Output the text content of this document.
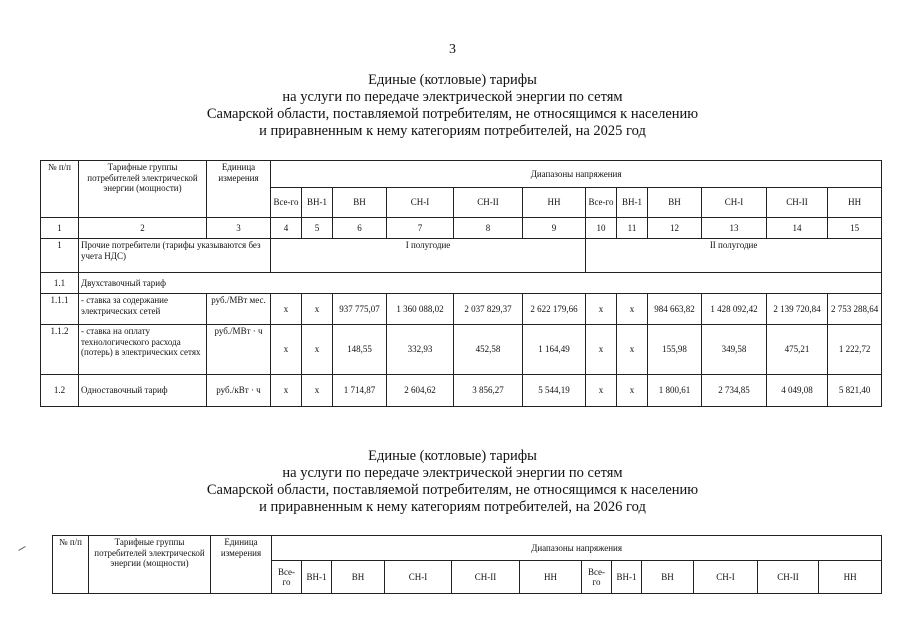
3
Единые (котловые) тарифы
на услуги по передаче электрической энергии по сетям
Самарской области, поставляемой потребителям, не относящимся к населению
и приравненным к нему категориям потребителей, на 2025 год
№ п/п	Тарифные группы потребителей электрической энергии (мощности)	Единица измерения	Диапазоны напряжения											
			Все-го	ВН-1	ВН	СН-I	СН-II	НН	Все-го	ВН-1	ВН	СН-I	СН-II	НН
1	2	3	4	5	6	7	8	9	10	11	12	13	14	15
1	Прочие потребители (тарифы указываются без учета НДС)		I полугодие						II полугодие					
1.1	Двухставочный тариф													
1.1.1	- ставка за содержание электрических сетей	руб./МВт мес.	х	х	937 775,07	1 360 088,02	2 037 829,37	2 622 179,66	х	х	984 663,82	1 428 092,42	2 139 720,84	2 753 288,64
1.1.2	- ставка на оплату технологического расхода (потерь) в электрических сетях	руб./МВт · ч	х	х	148,55	332,93	452,58	1 164,49	х	х	155,98	349,58	475,21	1 222,72
1.2	Одноставочный тариф	руб./кВт · ч	х	х	1 714,87	2 604,62	3 856,27	5 544,19	х	х	1 800,61	2 734,85	4 049,08	5 821,40
Единые (котловые) тарифы
на услуги по передаче электрической энергии по сетям
Самарской области, поставляемой потребителям, не относящимся к населению
и приравненным к нему категориям потребителей, на 2026 год
№ п/п	Тарифные группы потребителей электрической энергии (мощности)	Единица измерения	Диапазоны напряжения											
			Все-го	ВН-1	ВН	СН-I	СН-II	НН	Все-го	ВН-1	ВН	СН-I	СН-II	НН
